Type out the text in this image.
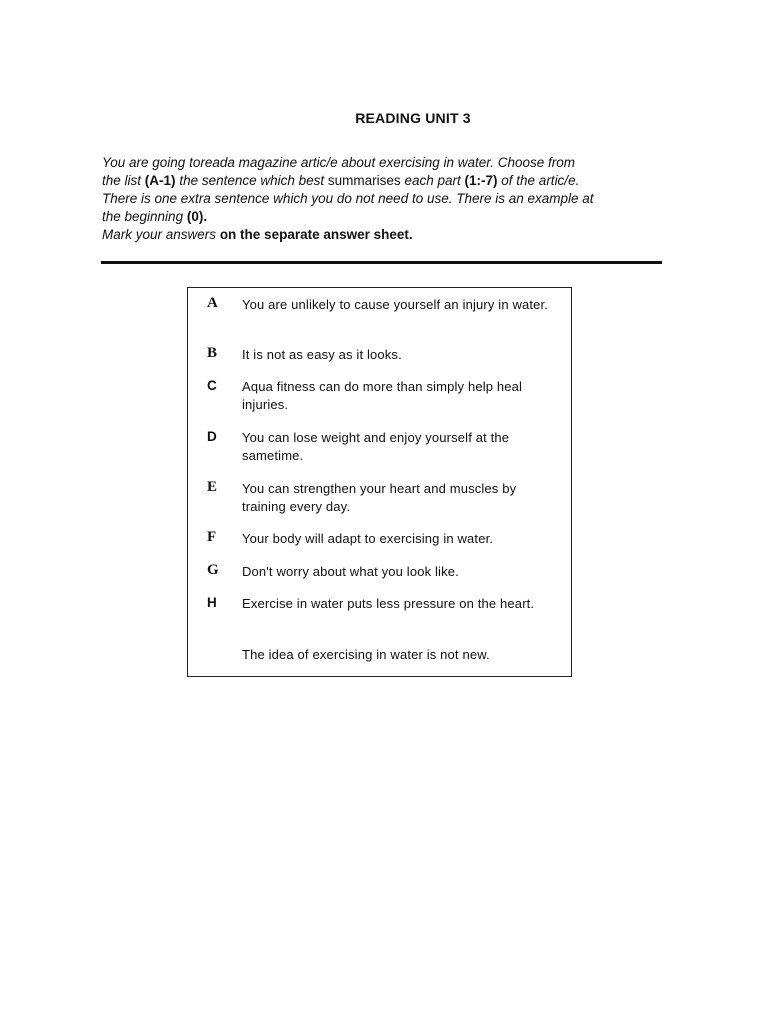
READING UNIT 3
You are going toreada magazine artic/e about exercising in water. Choose from
the list (A-1) the sentence which best summarises each part (1:-7) of the artic/e.
There is one extra sentence which you do not need to use. There is an example at
the beginning (0).
Mark your answers on the separate answer sheet.
A You are unlikely to cause yourself an injury in water.
B It is not as easy as it looks.
C Aqua fitness can do more than simply help heal injuries.
D You can lose weight and enjoy yourself at the sametime.
E You can strengthen your heart and muscles by training every day.
F Your body will adapt to exercising in water.
G Don't worry about what you look like.
H Exercise in water puts less pressure on the heart.
The idea of exercising in water is not new.
